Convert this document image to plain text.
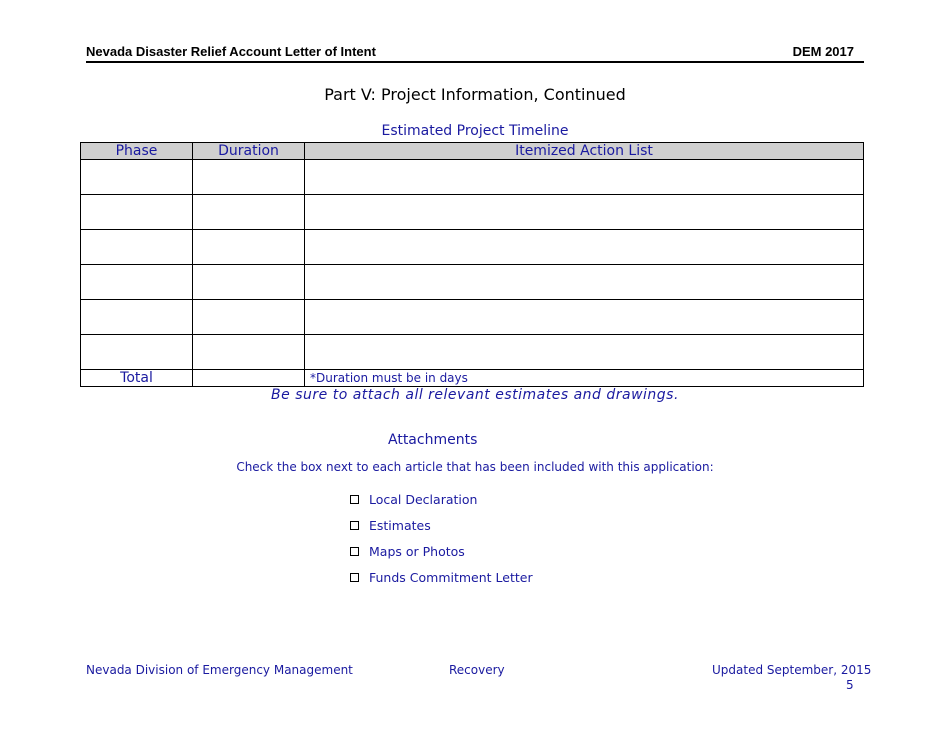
Nevada Disaster Relief Account Letter of Intent	DEM 2017
Part V: Project Information, Continued
Estimated Project Timeline
Phase	Duration	Itemized Action List

Total		*Duration must be in days
Be sure to attach all relevant estimates and drawings.
Attachments
Check the box next to each article that has been included with this application:
Local Declaration
Estimates
Maps or Photos
Funds Commitment Letter
Nevada Division of Emergency Management	Recovery	Updated September, 2015
5
